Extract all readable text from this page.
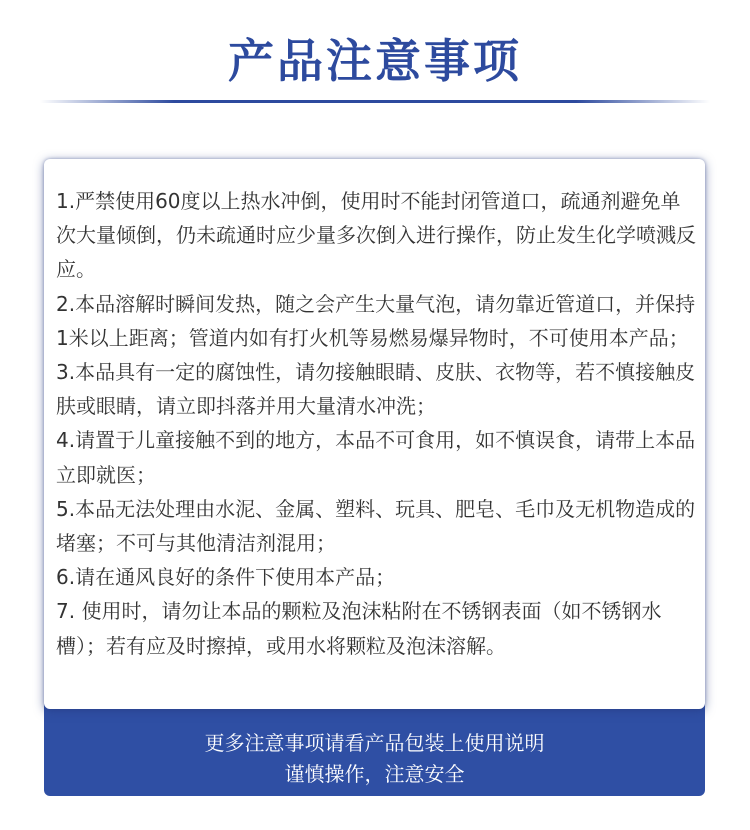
产品注意事项
更多注意事项请看产品包装上使用说明
谨慎操作，注意安全

1.严禁使用60度以上热水冲倒，使用时不能封闭管道口，疏通剂避免单次大量倾倒，仍未疏通时应少量多次倒入进行操作，防止发生化学喷溅反应。

2.本品溶解时瞬间发热，随之会产生大量气泡，请勿靠近管道口，并保持1米以上距离；管道内如有打火机等易燃易爆异物时，不可使用本产品；

3.本品具有一定的腐蚀性，请勿接触眼睛、皮肤、衣物等，若不慎接触皮肤或眼睛，请立即抖落并用大量清水冲洗；

4.请置于儿童接触不到的地方，本品不可食用，如不慎误食，请带上本品立即就医；

5.本品无法处理由水泥、金属、塑料、玩具、肥皂、毛巾及无机物造成的堵塞；不可与其他清洁剂混用；

6.请在通风良好的条件下使用本产品；

7. 使用时，请勿让本品的颗粒及泡沫粘附在不锈钢表面（如不锈钢水槽）；若有应及时擦掉，或用水将颗粒及泡沫溶解。
